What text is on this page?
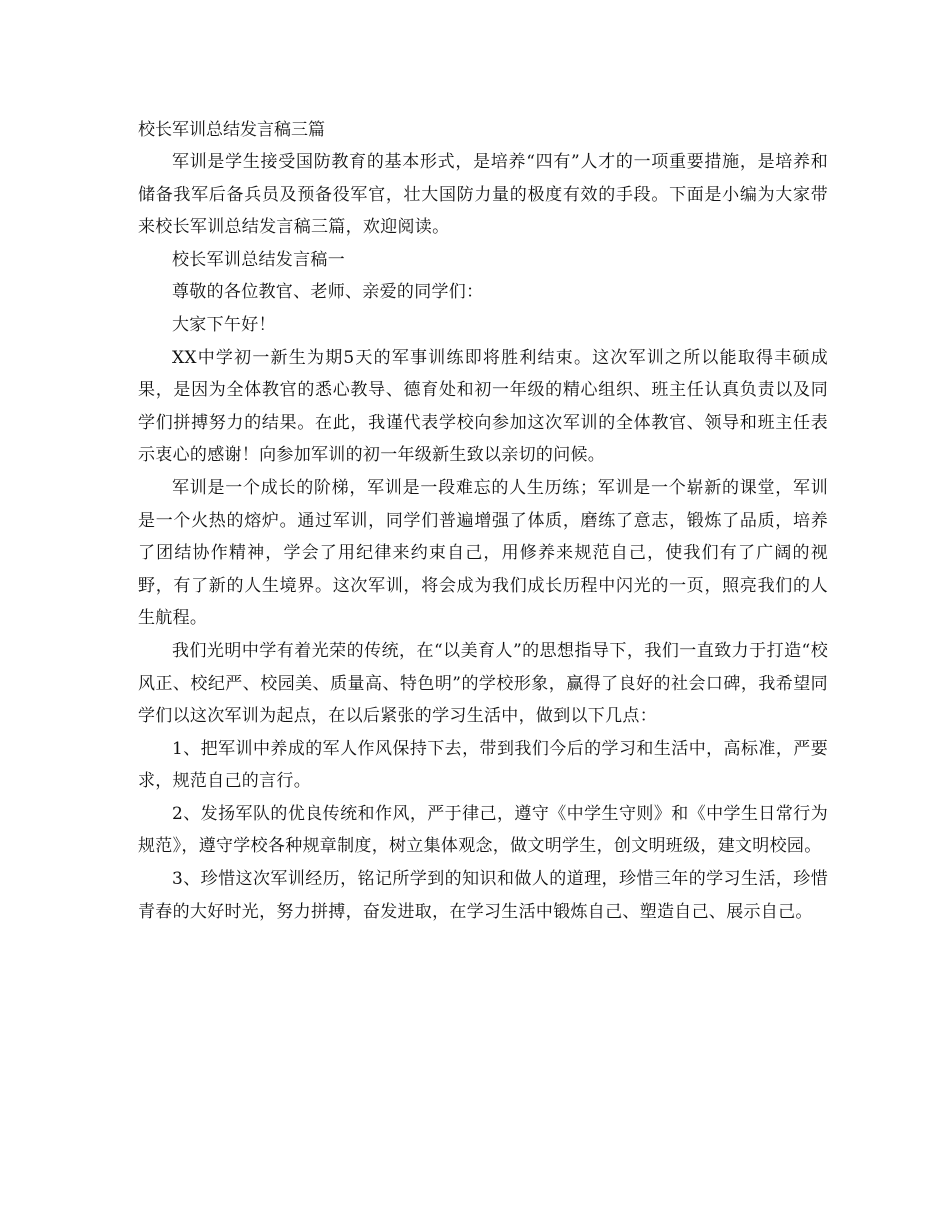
校长军训总结发言稿三篇

军训是学生接受国防教育的基本形式，是培养“四有”人才的一项重要措施，是培养和储备我军后备兵员及预备役军官，壮大国防力量的极度有效的手段。下面是小编为大家带来校长军训总结发言稿三篇，欢迎阅读。

校长军训总结发言稿一

尊敬的各位教官、老师、亲爱的同学们：

大家下午好！

XX中学初一新生为期5天的军事训练即将胜利结束。这次军训之所以能取得丰硕成果，是因为全体教官的悉心教导、德育处和初一年级的精心组织、班主任认真负责以及同学们拼搏努力的结果。在此，我谨代表学校向参加这次军训的全体教官、领导和班主任表示衷心的感谢！向参加军训的初一年级新生致以亲切的问候。

军训是一个成长的阶梯，军训是一段难忘的人生历练；军训是一个崭新的课堂，军训是一个火热的熔炉。通过军训，同学们普遍增强了体质，磨练了意志，锻炼了品质，培养了团结协作精神，学会了用纪律来约束自己，用修养来规范自己，使我们有了广阔的视野，有了新的人生境界。这次军训，将会成为我们成长历程中闪光的一页，照亮我们的人生航程。

我们光明中学有着光荣的传统，在“以美育人”的思想指导下，我们一直致力于打造“校风正、校纪严、校园美、质量高、特色明”的学校形象，赢得了良好的社会口碑，我希望同学们以这次军训为起点，在以后紧张的学习生活中，做到以下几点：

1、把军训中养成的军人作风保持下去，带到我们今后的学习和生活中，高标准，严要求，规范自己的言行。

2、发扬军队的优良传统和作风，严于律己，遵守《中学生守则》和《中学生日常行为规范》，遵守学校各种规章制度，树立集体观念，做文明学生，创文明班级，建文明校园。

3、珍惜这次军训经历，铭记所学到的知识和做人的道理，珍惜三年的学习生活，珍惜青春的大好时光，努力拼搏，奋发进取，在学习生活中锻炼自己、塑造自己、展示自己。
